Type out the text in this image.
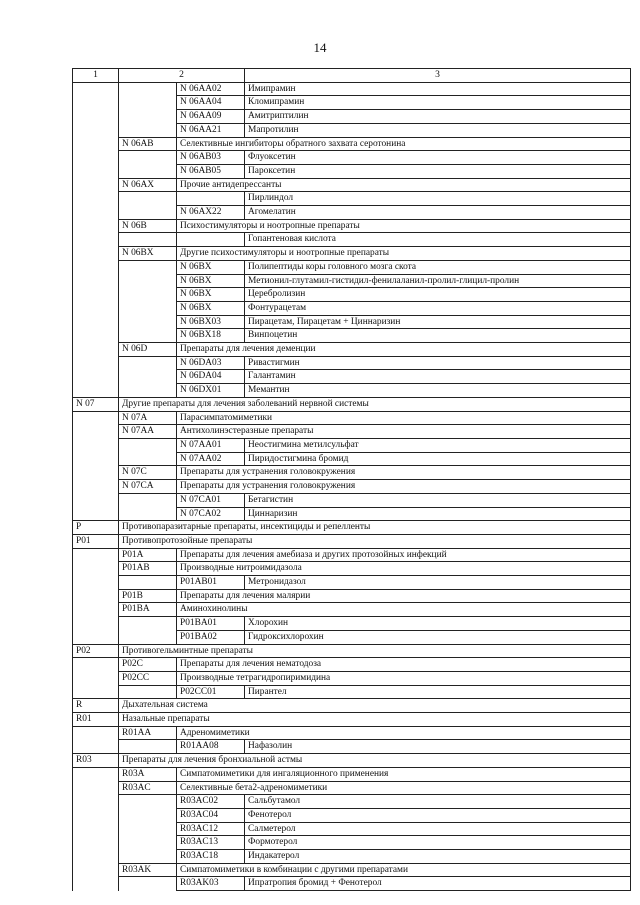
14
1	2		3
		N 06AA02	Имипрамин
		N 06AA04	Кломипрамин
		N 06AA09	Амитриптилин
		N 06AA21	Мапротилин
	N 06AB	Селективные ингибиторы обратного захвата серотонина	
		N 06AB03	Флуоксетин
		N 06AB05	Пароксетин
	N 06AX	Прочие антидепрессанты	
			Пирлиндол
		N 06AX22	Агомелатин
	N 06B	Психостимуляторы и ноотропные препараты	
			Гопантеновая кислота
	N 06BX	Другие психостимуляторы и ноотропные препараты	
		N 06BX	Полипептиды коры головного мозга скота
		N 06BX	Метионил-глутамил-гистидил-фенилаланил-пролил-глицил-пролин
		N 06BX	Церебролизин
		N 06BX	Фонтурацетам
		N 06BX03	Пирацетам, Пирацетам + Циннаризин
		N 06BX18	Винпоцетин
	N 06D	Препараты для лечения деменции	
		N 06DA03	Ривастигмин
		N 06DA04	Галантамин
		N 06DX01	Мемантин
N 07	Другие препараты для лечения заболеваний нервной системы		
	N 07A	Парасимпатомиметики	
	N 07AA	Антихолинэстеразные препараты	
		N 07AA01	Неостигмина метилсульфат
		N 07AA02	Пиридостигмина бромид
	N 07C	Препараты для устранения головокружения	
	N 07CA	Препараты для устранения головокружения	
		N 07CA01	Бетагистин
		N 07CA02	Циннаризин
P	Противопаразитарные препараты, инсектициды и репелленты		
P01	Противопротозойные препараты		
	P01A	Препараты для лечения амебиаза и других протозойных инфекций	
	P01AB	Производные нитроимидазола	
		P01AB01	Метронидазол
	P01B	Препараты для лечения малярии	
	P01BA	Аминохинолины	
		P01BA01	Хлорохин
		P01BA02	Гидроксихлорохин
P02	Противогельминтные препараты		
	P02C	Препараты для лечения нематодоза	
	P02CC	Производные тетрагидропиримидина	
		P02CC01	Пирантел
R	Дыхательная система		
R01	Назальные препараты		
	R01AA	Адреномиметики	
		R01AA08	Нафазолин
R03	Препараты для лечения бронхиальной астмы		
	R03A	Симпатомиметики для ингаляционного применения	
	R03AC	Селективные бета2-адреномиметики	
		R03AC02	Сальбутамол
		R03AC04	Фенотерол
		R03AC12	Салметерол
		R03AC13	Формотерол
		R03AC18	Индакатерол
	R03AK	Симпатомиметики в комбинации с другими препаратами	
		R03AK03	Ипратропия бромид + Фенотерол
